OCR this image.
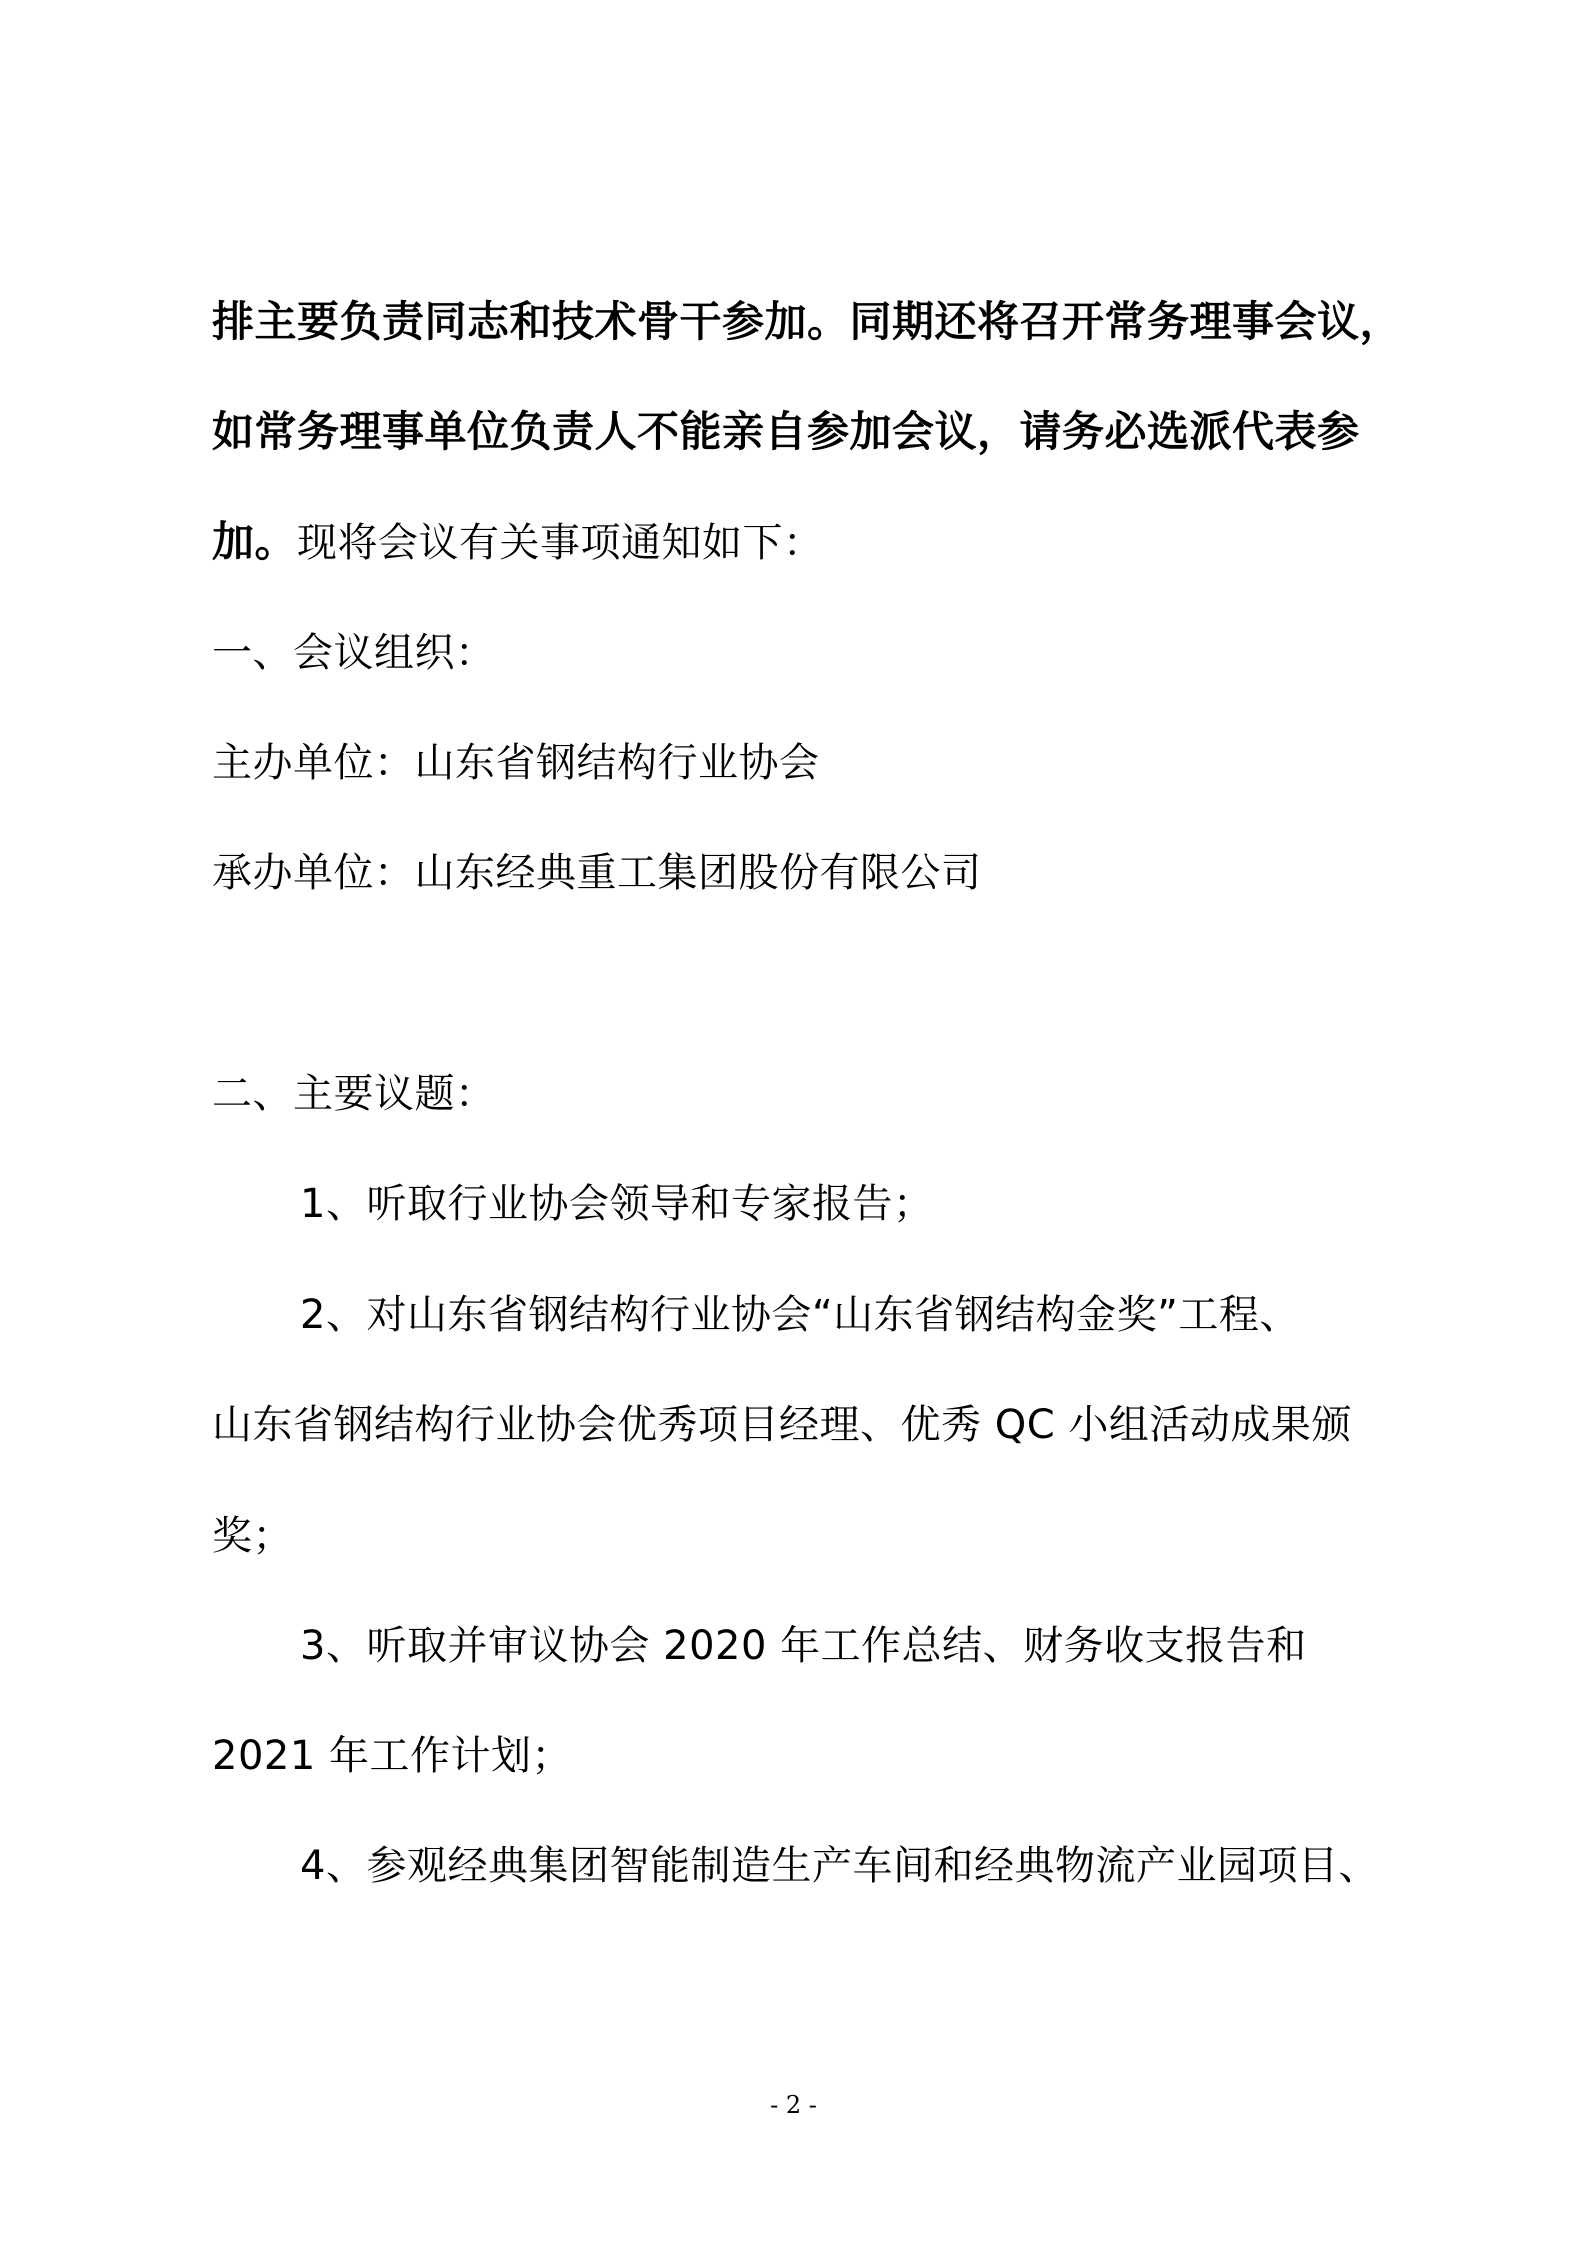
排主要负责同志和技术骨干参加。同期还将召开常务理事会议，
如常务理事单位负责人不能亲自参加会议，请务必选派代表参
加。现将会议有关事项通知如下：
一、会议组织：
主办单位：山东省钢结构行业协会
承办单位：山东经典重工集团股份有限公司
二、主要议题：
1、听取行业协会领导和专家报告；
2、对山东省钢结构行业协会“山东省钢结构金奖”工程、
山东省钢结构行业协会优秀项目经理、优秀 QC 小组活动成果颁
奖；
3、听取并审议协会 2020 年工作总结、财务收支报告和
2021 年工作计划；
4、参观经典集团智能制造生产车间和经典物流产业园项目、
- 2 -
